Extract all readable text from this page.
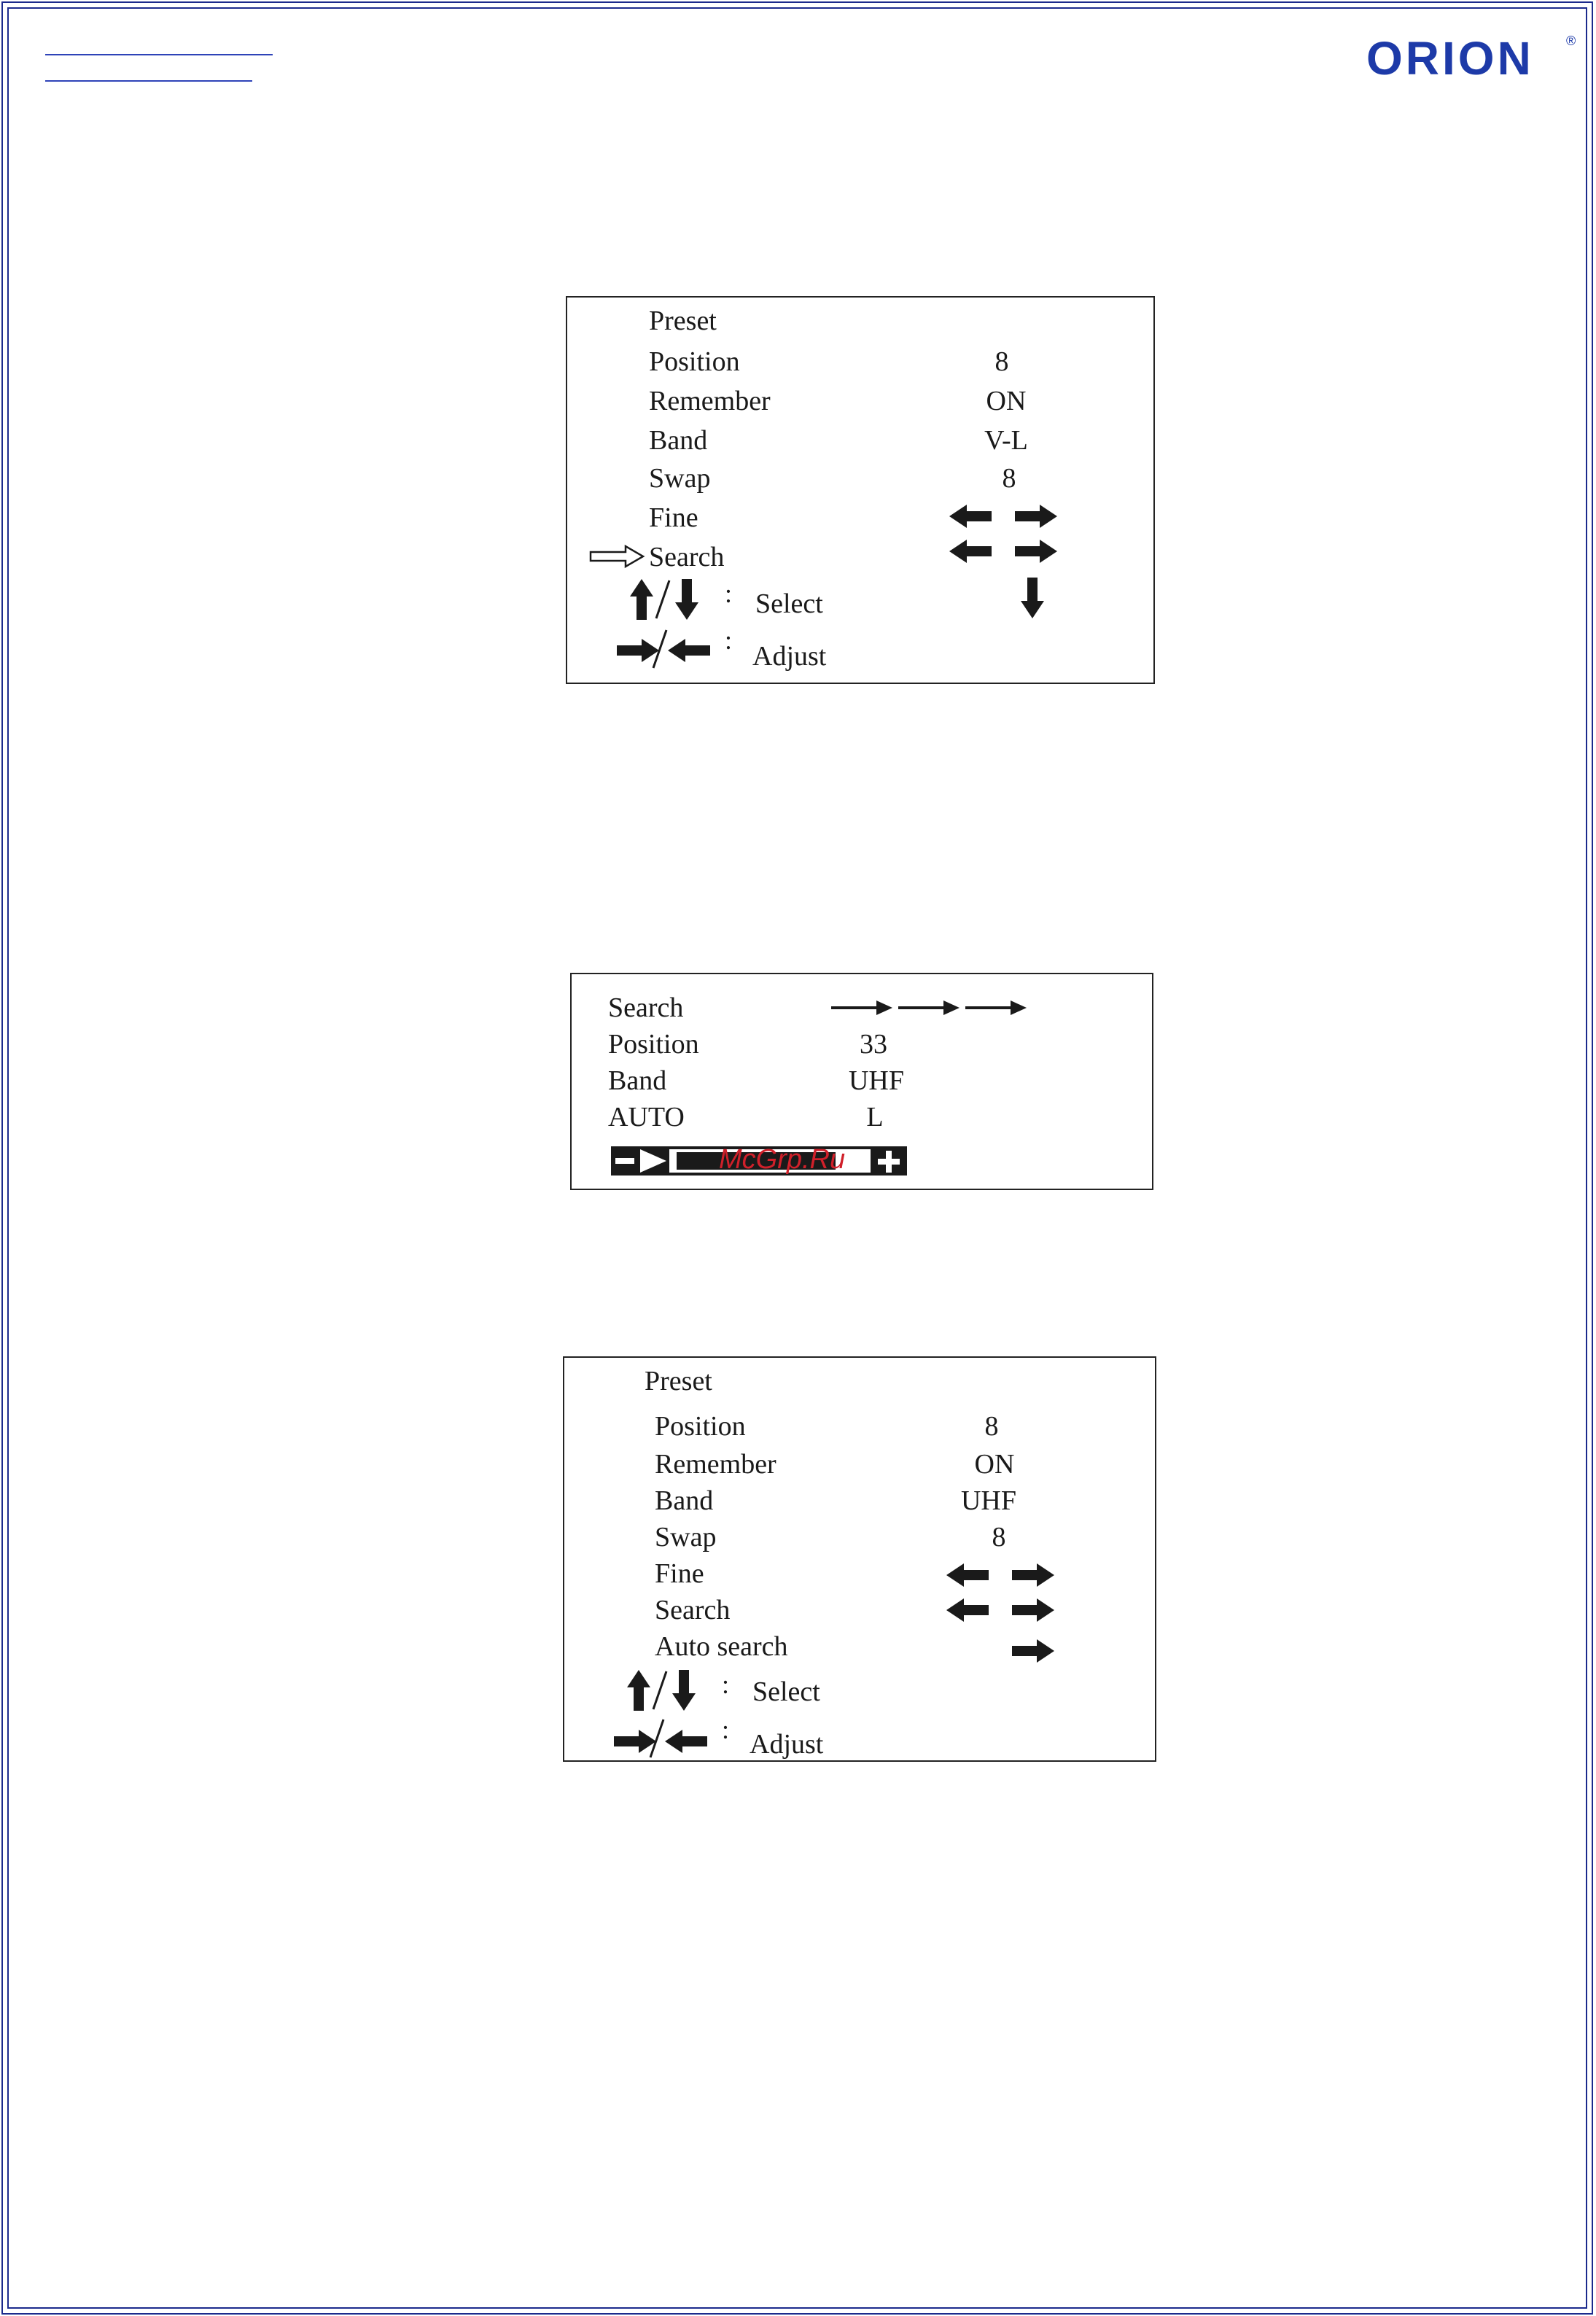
ORION ®
Preset
Position	8
Remember	ON
Band	V-L
Swap	8
Fine
Search
: Select
:
Adjust
Search
Position	33
Band	UHF
AUTO	L
McGrp.Ru
Preset
Position	8
Remember	ON
Band	UHF
Swap	8
Fine
Search
Auto search
: Select
: Adjust
